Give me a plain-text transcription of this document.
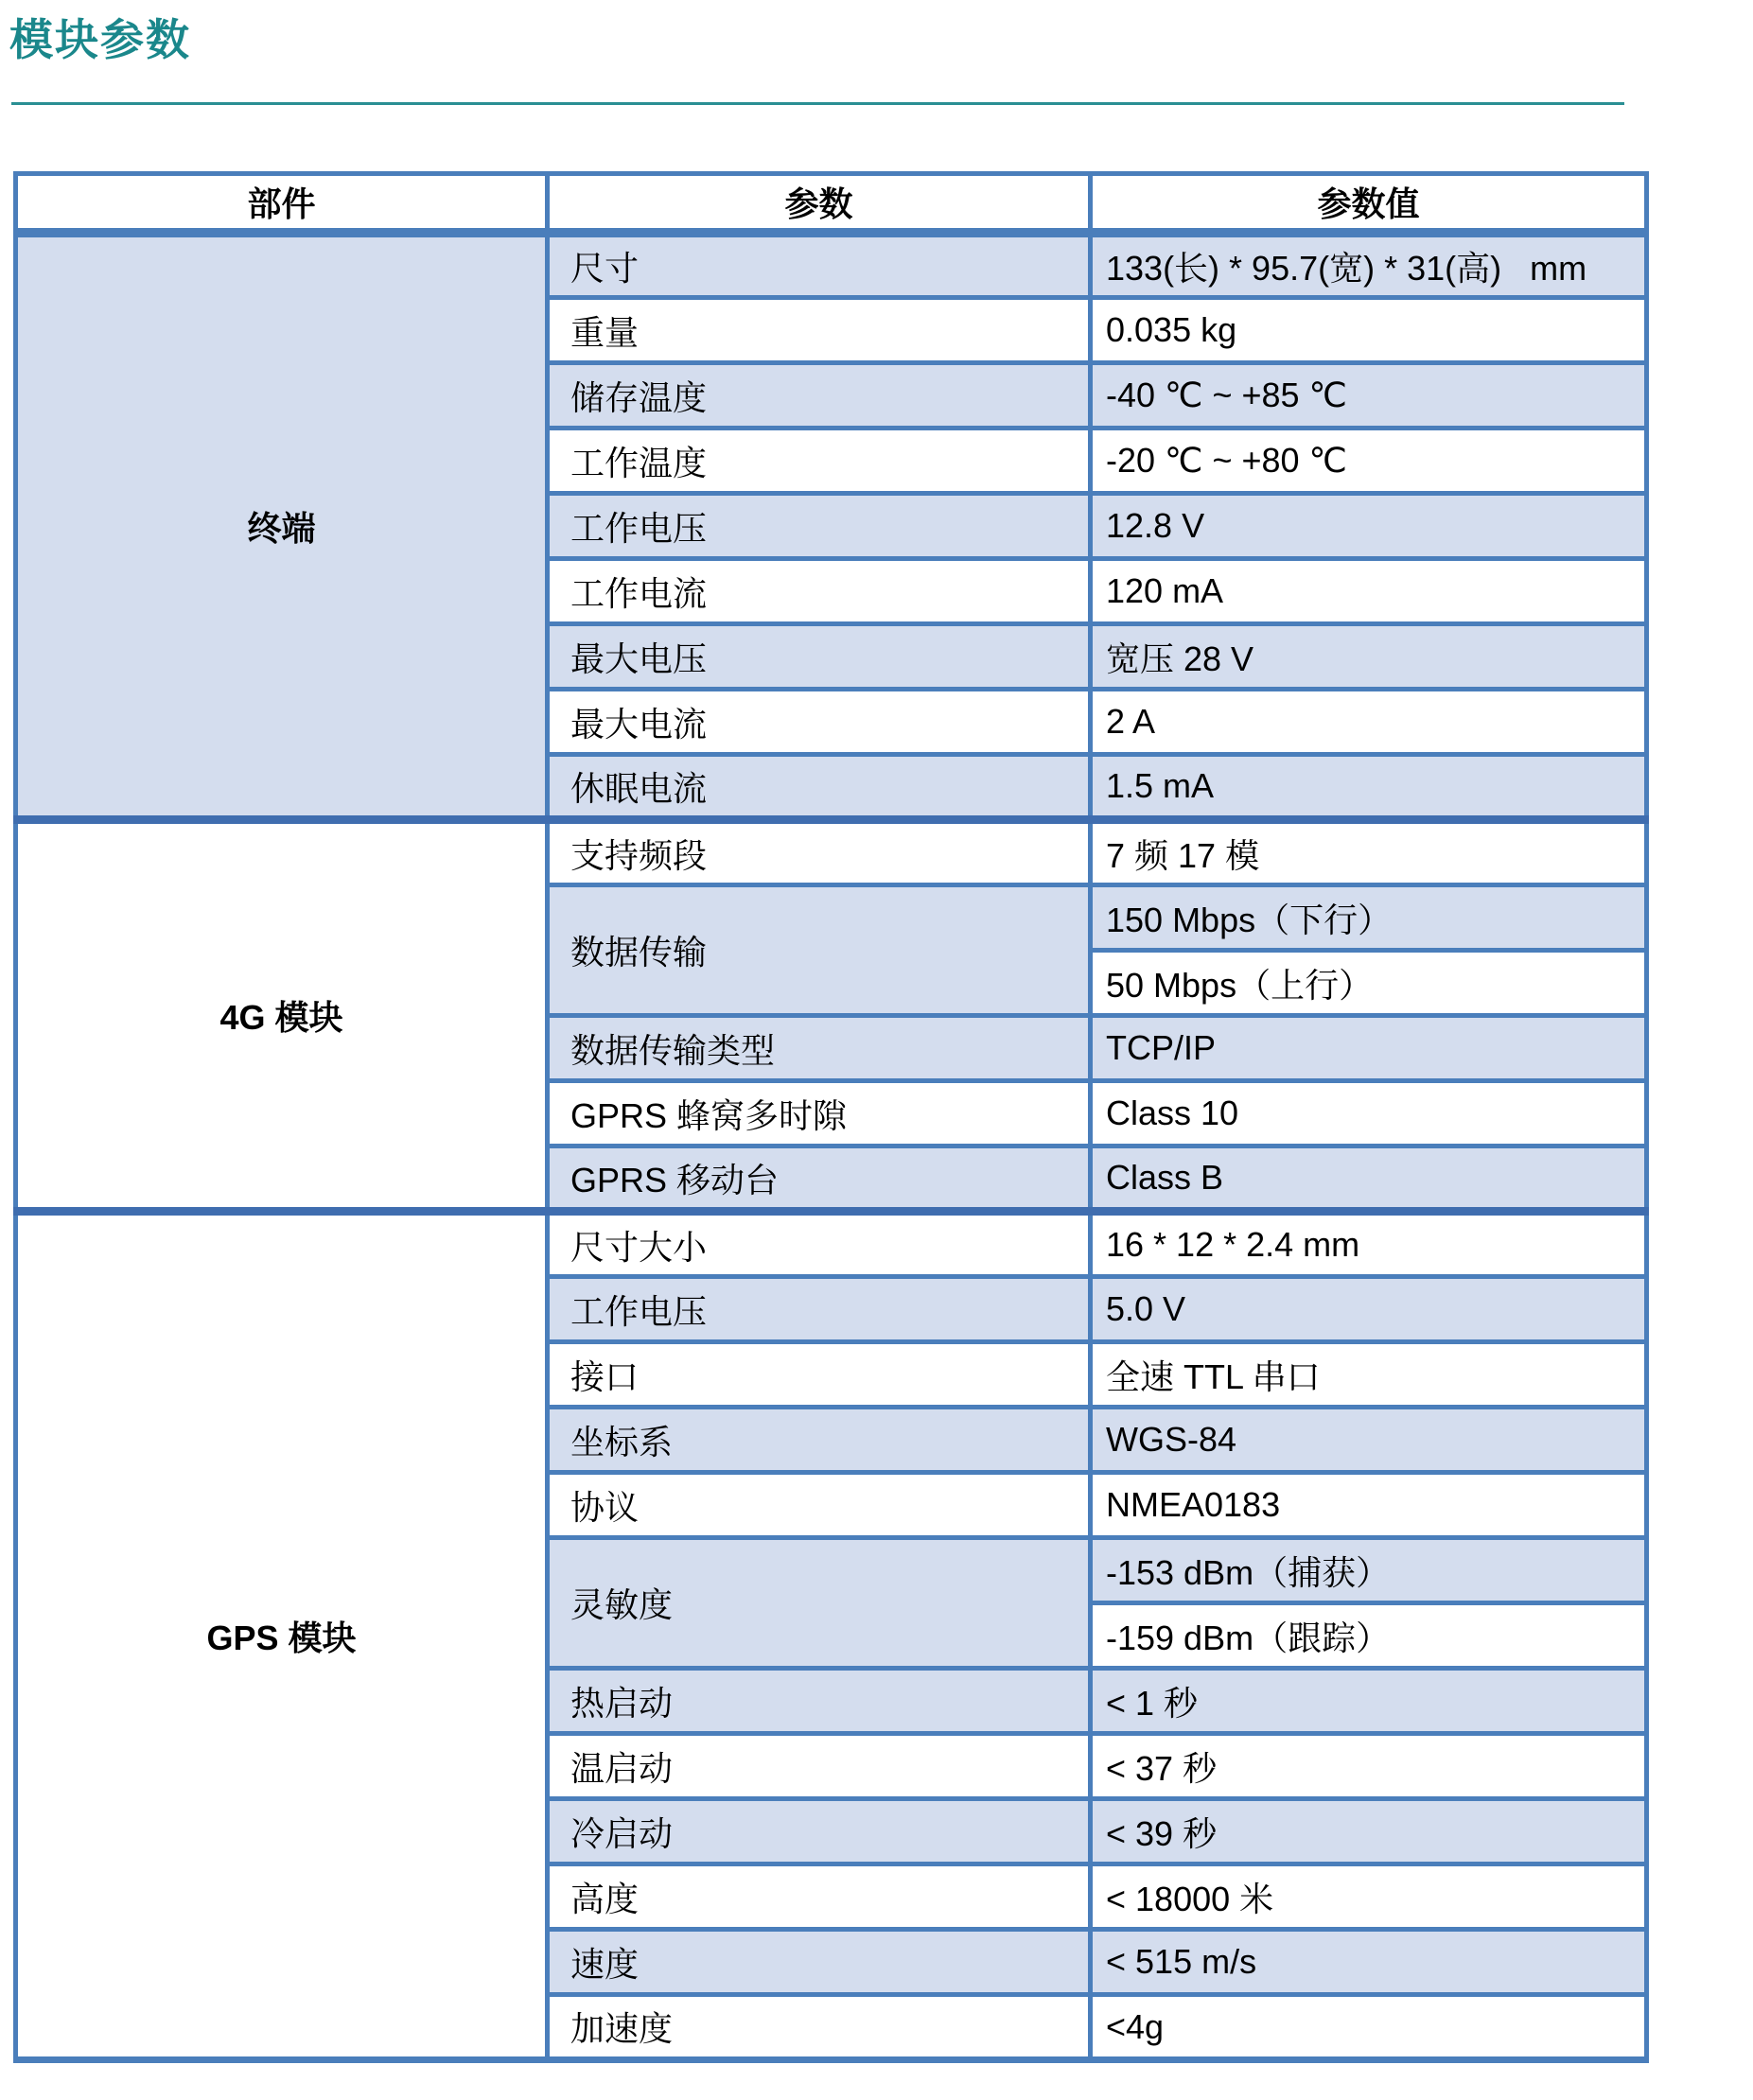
模块参数
部件	参数	参数值
终端	尺寸	133(长) * 95.7(宽) * 31(高)   mm
	重量	0.035 kg
	储存温度	-40 ℃ ~ +85 ℃
	工作温度	-20 ℃ ~ +80 ℃
	工作电压	12.8 V
	工作电流	120 mA
	最大电压	宽压 28 V
	最大电流	2 A
	休眠电流	1.5 mA
4G 模块	支持频段	7 频 17 模
	数据传输	150 Mbps（下行）
		50 Mbps（上行）
	数据传输类型	TCP/IP
	GPRS 蜂窝多时隙	Class 10
	GPRS 移动台	Class B
GPS 模块	尺寸大小	16 * 12 * 2.4 mm
	工作电压	5.0 V
	接口	全速 TTL 串口
	坐标系	WGS-84
	协议	NMEA0183
	灵敏度	-153 dBm（捕获）
		-159 dBm（跟踪）
	热启动	< 1 秒
	温启动	< 37 秒
	冷启动	< 39 秒
	高度	< 18000 米
	速度	< 515 m/s
	加速度	<4g
